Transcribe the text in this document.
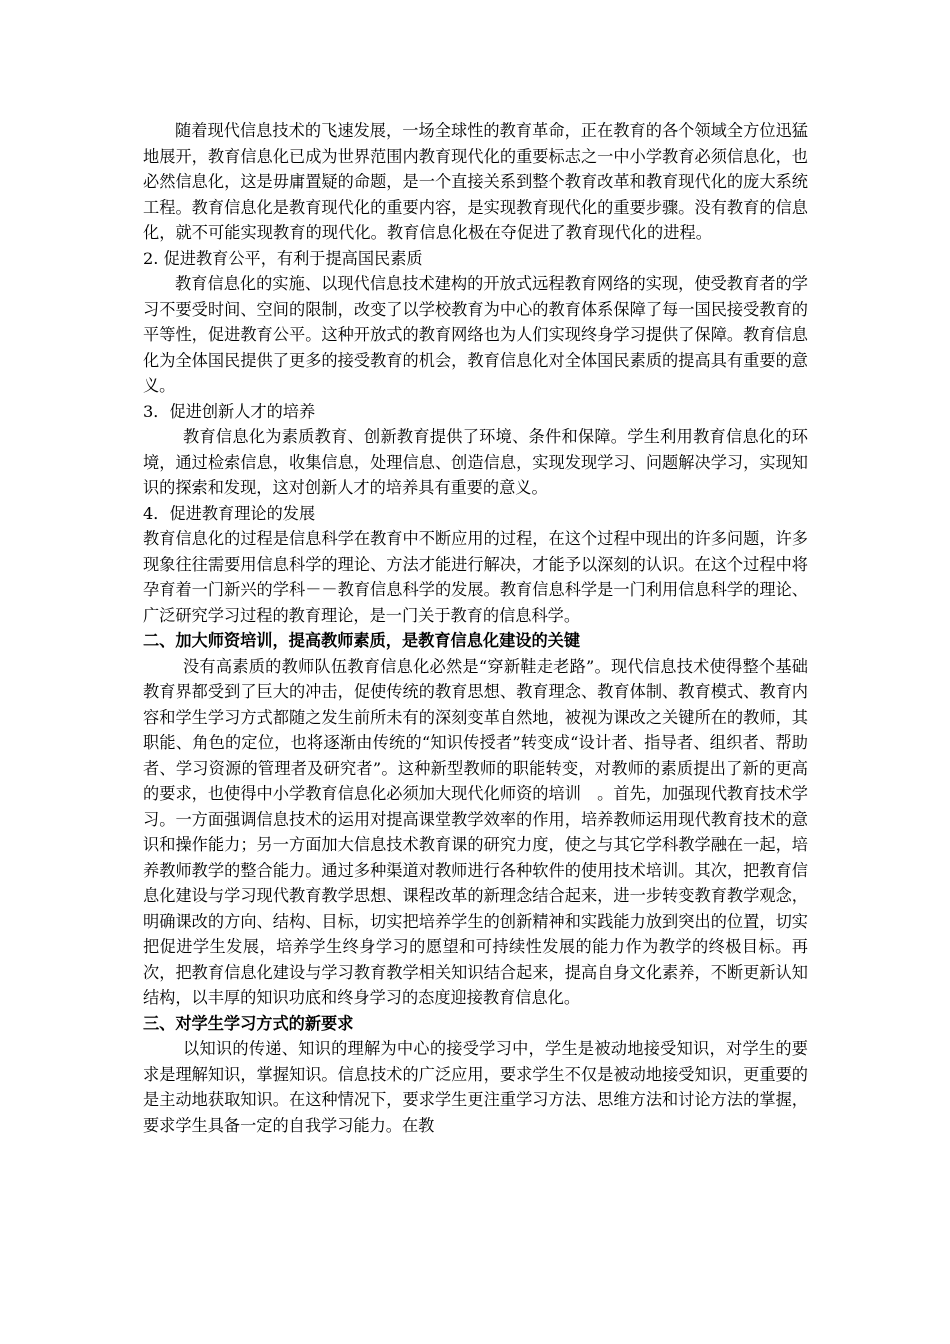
随着现代信息技术的飞速发展，一场全球性的教育革命，正在教育的各个领域全方位迅猛地展开，教育信息化已成为世界范围内教育现代化的重要标志之一中小学教育必须信息化，也必然信息化，这是毋庸置疑的命题，是一个直接关系到整个教育改革和教育现代化的庞大系统工程。教育信息化是教育现代化的重要内容，是实现教育现代化的重要步骤。没有教育的信息化，就不可能实现教育的现代化。教育信息化极在夺促进了教育现代化的进程。2. 促进教育公平，有利于提高国民素质

教育信息化的实施、以现代信息技术建构的开放式远程教育网络的实现，使受教育者的学习不要受时间、空间的限制，改变了以学校教育为中心的教育体系保障了每一国民接受教育的平等性，促进教育公平。这种开放式的教育网络也为人们实现终身学习提供了保障。教育信息化为全体国民提供了更多的接受教育的机会，教育信息化对全体国民素质的提高具有重要的意义。

3．促进创新人才的培养

教育信息化为素质教育、创新教育提供了环境、条件和保障。学生利用教育信息化的环境，通过检索信息，收集信息，处理信息、创造信息，实现发现学习、问题解决学习，实现知识的探索和发现，这对创新人才的培养具有重要的意义。

4．促进教育理论的发展

教育信息化的过程是信息科学在教育中不断应用的过程，在这个过程中现出的许多问题，许多现象往往需要用信息科学的理论、方法才能进行解决，才能予以深刻的认识。在这个过程中将孕育着一门新兴的学科－－教育信息科学的发展。教育信息科学是一门利用信息科学的理论、广泛研究学习过程的教育理论，是一门关于教育的信息科学。

二、加大师资培训，提高教师素质，是教育信息化建设的关键

没有高素质的教师队伍教育信息化必然是“穿新鞋走老路”。现代信息技术使得整个基础教育界都受到了巨大的冲击，促使传统的教育思想、教育理念、教育体制、教育模式、教育内容和学生学习方式都随之发生前所未有的深刻变革自然地，被视为课改之关键所在的教师，其职能、角色的定位，也将逐渐由传统的“知识传授者”转变成“设计者、指导者、组织者、帮助者、学习资源的管理者及研究者”。这种新型教师的职能转变，对教师的素质提出了新的更高的要求，也使得中小学教育信息化必须加大现代化师资的培训　。首先，加强现代教育技术学习。一方面强调信息技术的运用对提高课堂教学效率的作用，培养教师运用现代教育技术的意识和操作能力；另一方面加大信息技术教育课的研究力度，使之与其它学科教学融在一起，培养教师教学的整合能力。通过多种渠道对教师进行各种软件的使用技术培训。其次，把教育信息化建设与学习现代教育教学思想、课程改革的新理念结合起来，进一步转变教育教学观念，明确课改的方向、结构、目标，切实把培养学生的创新精神和实践能力放到突出的位置，切实把促进学生发展，培养学生终身学习的愿望和可持续性发展的能力作为教学的终极目标。再次，把教育信息化建设与学习教育教学相关知识结合起来，提高自身文化素养，不断更新认知结构，以丰厚的知识功底和终身学习的态度迎接教育信息化。

三、对学生学习方式的新要求

以知识的传递、知识的理解为中心的接受学习中，学生是被动地接受知识，对学生的要求是理解知识，掌握知识。信息技术的广泛应用，要求学生不仅是被动地接受知识，更重要的是主动地获取知识。在这种情况下，要求学生更注重学习方法、思维方法和讨论方法的掌握，要求学生具备一定的自我学习能力。在教
